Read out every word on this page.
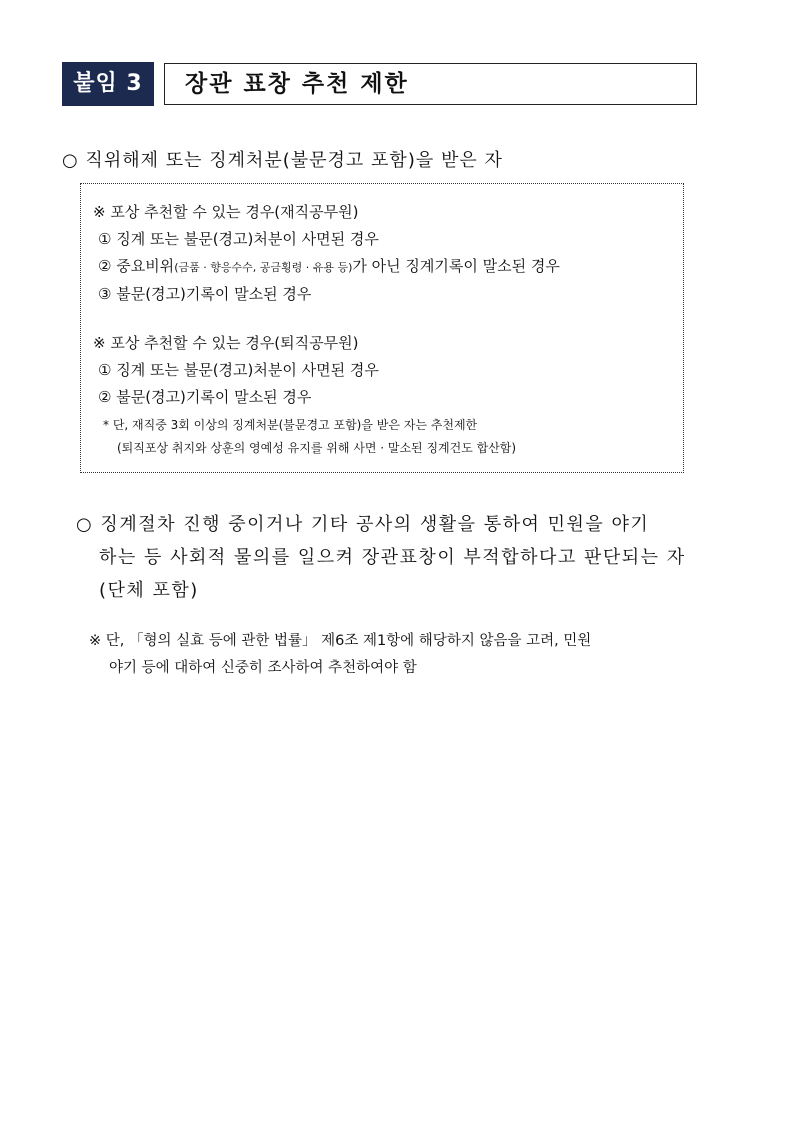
붙임 3	장관 표창 추천 제한
○ 직위해제 또는 징계처분(불문경고 포함)을 받은 자
※ 포상 추천할 수 있는 경우(재직공무원)
① 징계 또는 불문(경고)처분이 사면된 경우
② 중요비위(금품 · 향응수수, 공금횡령 · 유용 등)가 아닌 징계기록이 말소된 경우
③ 불문(경고)기록이 말소된 경우
※ 포상 추천할 수 있는 경우(퇴직공무원)
① 징계 또는 불문(경고)처분이 사면된 경우
② 불문(경고)기록이 말소된 경우
* 단, 재직중 3회 이상의 징계처분(불문경고 포함)을 받은 자는 추천제한
(퇴직포상 취지와 상훈의 영예성 유지를 위해 사면 · 말소된 징계건도 합산함)
○ 징계절차 진행 중이거나 기타 공사의 생활을 통하여 민원을 야기
하는 등 사회적 물의를 일으켜 장관표창이 부적합하다고 판단되는 자
(단체 포함)
※ 단, 「형의 실효 등에 관한 법률」 제6조 제1항에 해당하지 않음을 고려, 민원
야기 등에 대하여 신중히 조사하여 추천하여야 함
